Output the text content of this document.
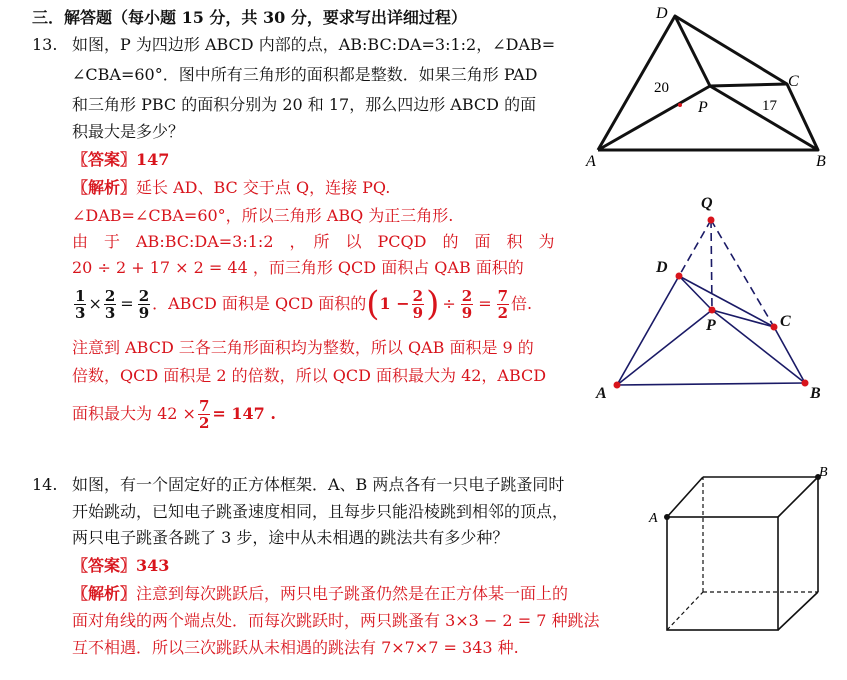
三．解答题（每小题 15 分，共 30 分，要求写出详细过程）
13. 如图，P 为四边形 ABCD 内部的点，AB:BC:DA=3:1:2，∠DAB=
∠CBA=60°．图中所有三角形的面积都是整数．如果三角形 PAD
和三角形 PBC 的面积分别为 20 和 17，那么四边形 ABCD 的面
积最大是多少？
〖答案〗147
〖解析〗延长 AD、BC 交于点 Q，连接 PQ.
∠DAB=∠CBA=60°，所以三角形 ABQ 为正三角形.
由　于　AB:BC:DA=3:1:2　，　所　以　PCQD　的　面　积　为
20 ÷ 2 + 17 × 2 = 44 ，而三角形 QCD 面积占 QAB 面积的
$\frac{1}{3} \times \frac{2}{3} = \frac{2}{9}$ ．ABCD 面积是 QCD 面积的 ( $1 - \frac{2}{9}$ ) ÷ $\frac{2}{9} = \frac{7}{2}$ 倍.
注意到 ABCD 三各三角形面积均为整数，所以 QAB 面积是 9 的
倍数，QCD 面积是 2 的倍数，所以 QCD 面积最大为 42，ABCD
面积最大为 $42 \times \frac{7}{2} = 147$ .
D
C
A	B
P
20
17
Q
D
P	C
A	B
14. 如图，有一个固定好的正方体框架．A、B 两点各有一只电子跳蚤同时
开始跳动，已知电子跳蚤速度相同，且每步只能沿棱跳到相邻的顶点，
两只电子跳蚤各跳了 3 步，途中从未相遇的跳法共有多少种？
〖答案〗343
〖解析〗注意到每次跳跃后，两只电子跳蚤仍然是在正方体某一面上的
面对角线的两个端点处．而每次跳跃时，两只跳蚤有 3×3 − 2 = 7 种跳法
互不相遇．所以三次跳跃从未相遇的跳法有 7×7×7 = 343 种.
A
B
